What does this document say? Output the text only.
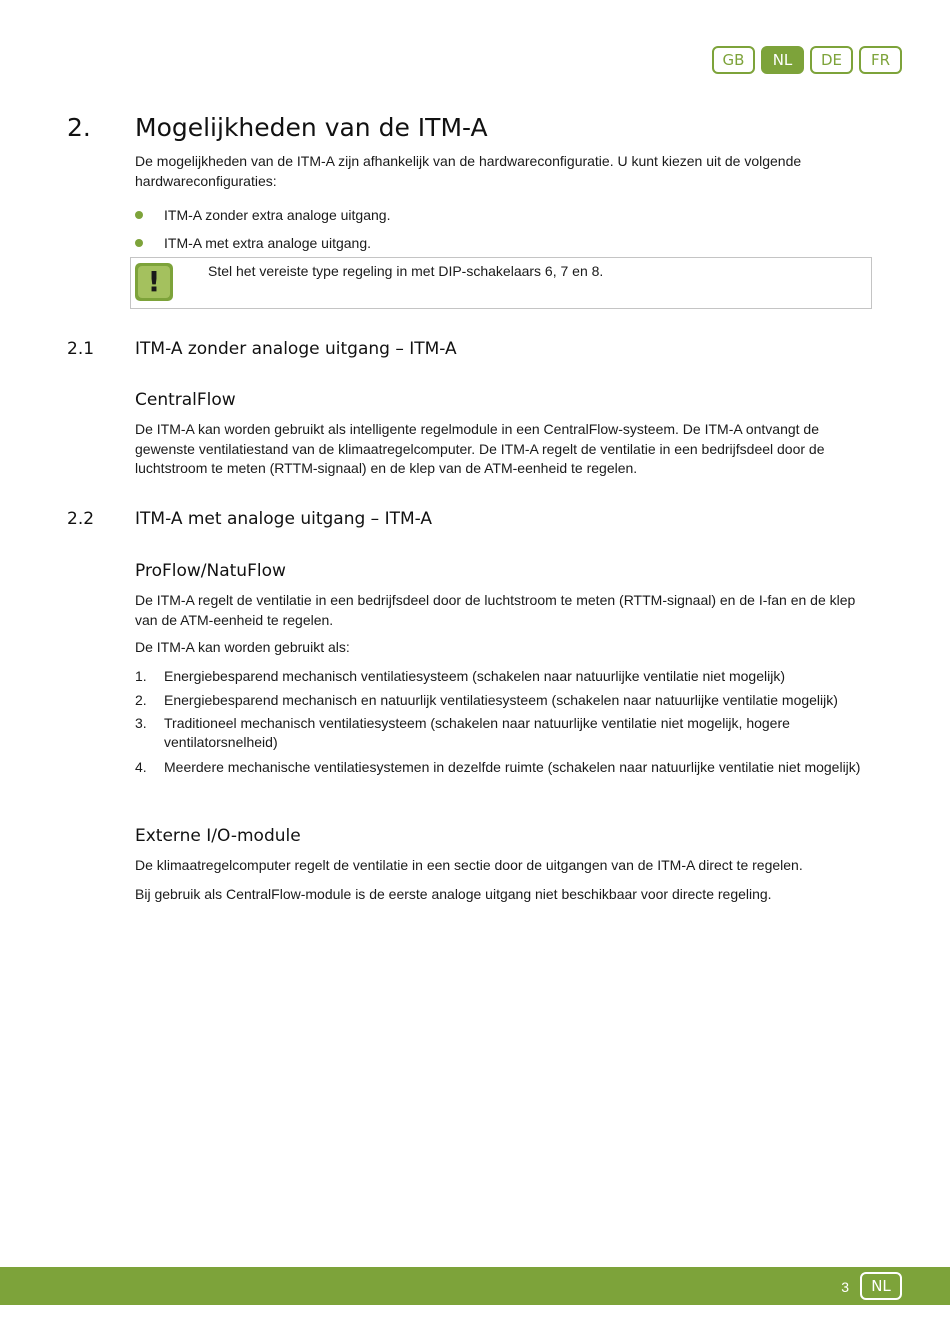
GB	NL	DE	FR
2. Mogelijkheden van de ITM-A
De mogelijkheden van de ITM-A zijn afhankelijk van de hardwareconfiguratie. U kunt kiezen uit de volgende hardwareconfiguraties:
ITM-A zonder extra analoge uitgang.
ITM-A met extra analoge uitgang.
!	Stel het vereiste type regeling in met DIP-schakelaars 6, 7 en 8.
2.1 ITM-A zonder analoge uitgang – ITM-A
CentralFlow
De ITM-A kan worden gebruikt als intelligente regelmodule in een CentralFlow-systeem. De ITM-A ontvangt de gewenste ventilatiestand van de klimaatregelcomputer. De ITM-A regelt de ventilatie in een bedrijfsdeel door de luchtstroom te meten (RTTM-signaal) en de klep van de ATM-eenheid te regelen.
2.2 ITM-A met analoge uitgang – ITM-A
ProFlow/NatuFlow
De ITM-A regelt de ventilatie in een bedrijfsdeel door de luchtstroom te meten (RTTM-signaal) en de I-fan en de klep van de ATM-eenheid te regelen.
De ITM-A kan worden gebruikt als:
1. Energiebesparend mechanisch ventilatiesysteem (schakelen naar natuurlijke ventilatie niet mogelijk)
2. Energiebesparend mechanisch en natuurlijk ventilatiesysteem (schakelen naar natuurlijke ventilatie mogelijk)
3. Traditioneel mechanisch ventilatiesysteem (schakelen naar natuurlijke ventilatie niet mogelijk, hogere ventilatorsnelheid)
4. Meerdere mechanische ventilatiesystemen in dezelfde ruimte (schakelen naar natuurlijke ventilatie niet mogelijk)
Externe I/O-module
De klimaatregelcomputer regelt de ventilatie in een sectie door de uitgangen van de ITM-A direct te regelen.
Bij gebruik als CentralFlow-module is de eerste analoge uitgang niet beschikbaar voor directe regeling.
3	NL
